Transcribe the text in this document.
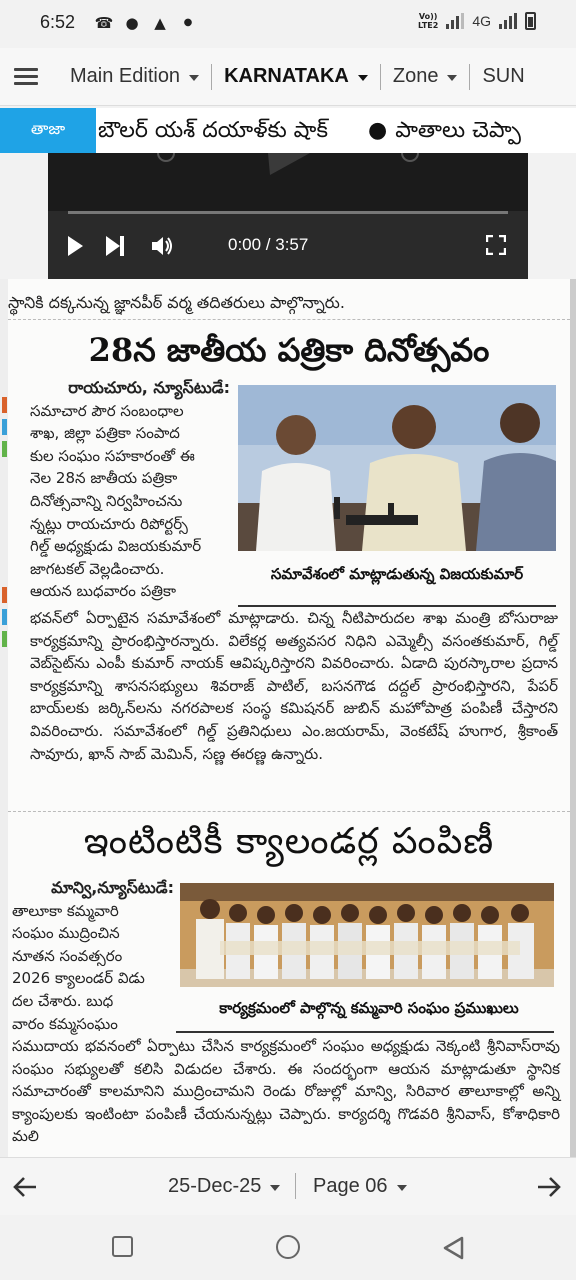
6:52 ☎ ● ▲	●
Vo))
LTE2 4G
Main Edition KARNATAKA Zone SUN
తాజా	బౌలర్ యశ్ దయాళ్‌కు షాక్ ● పాతాలు చెప్పా
0:00 / 3:57
స్థానికి దక్కనున్న జ్ఞానపీఠ్ వర్మ తదితరులు పాల్గొన్నారు.
28న జాతీయ పత్రికా దినోత్సవం
రాయచూరు, న్యూస్‌టుడే:
సమాచార పౌర సంబంధాల
శాఖ, జిల్లా పత్రికా సంపాద
కుల సంఘం సహకారంతో ఈ
నెల 28న జాతీయ పత్రికా
దినోత్సవాన్ని నిర్వహించను
న్నట్లు రాయచూరు రిపోర్టర్స్
గిల్డ్ అధ్యక్షుడు విజయకుమార్
జాగటకల్ వెల్లడించారు.
ఆయన బుధవారం పత్రికా
సమావేశంలో మాట్లాడుతున్న విజయకుమార్
భవన్‌లో ఏర్పాటైన సమావేశంలో మాట్లాడారు. చిన్న నీటిపారుదల శాఖ మంత్రి బోసురాజు కార్యక్రమాన్ని ప్రారంభిస్తారన్నారు. విలేకర్ల అత్యవసర నిధిని ఎమ్మెల్సీ వసంతకుమార్, గిల్డ్ వెబ్‌సైట్‌ను ఎంపీ కుమార్ నాయక్ ఆవిష్కరిస్తారని వివరించారు. ఏడాది పురస్కారాల ప్రదాన కార్యక్రమాన్ని శాసనసభ్యులు శివరాజ్ పాటిల్, బసనగౌడ దద్దల్ ప్రారంభిస్తారని, పేపర్ బాయ్‌లకు జర్కిన్‌లను నగరపాలక సంస్థ కమిషనర్ జుబిన్ మహోపాత్ర పంపిణీ చేస్తారని వివరించారు. సమావేశంలో గిల్డ్ ప్రతినిధులు ఎం.జయరామ్, వెంకటేష్ హుగార, శ్రీకాంత్ సావూరు, ఖాన్ సాబ్ మెమిన్, సణ్ణ ఈరణ్ణ ఉన్నారు.
ఇంటింటికీ క్యాలండర్ల పంపిణీ
మాన్వి,న్యూస్‌టుడే:
తాలూకా కమ్మవారి
సంఘం ముద్రించిన
నూతన సంవత్సరం
2026 క్యాలండర్ విడు
దల చేశారు. బుధ
వారం కమ్మసంఘం
కార్యక్రమంలో పాల్గొన్న కమ్మవారి సంఘం ప్రముఖులు
సముదాయ భవనంలో ఏర్పాటు చేసిన కార్యక్రమంలో సంఘం అధ్యక్షుడు నెక్కంటి శ్రీనివాస్‌రావు సంఘం సభ్యులతో కలిసి విడుదల చేశారు. ఈ సందర్భంగా ఆయన మాట్లాడుతూ స్థానిక సమాచారంతో కాలమానిని ముద్రించామని రెండు రోజుల్లో మాన్వి, సిరివార తాలూకాల్లో అన్ని క్యాంపులకు ఇంటింటా పంపిణీ చేయనున్నట్లు చెప్పారు. కార్యదర్శి గొడవరి శ్రీనివాస్, కోశాధికారి మలి
25-Dec-25	Page 06
